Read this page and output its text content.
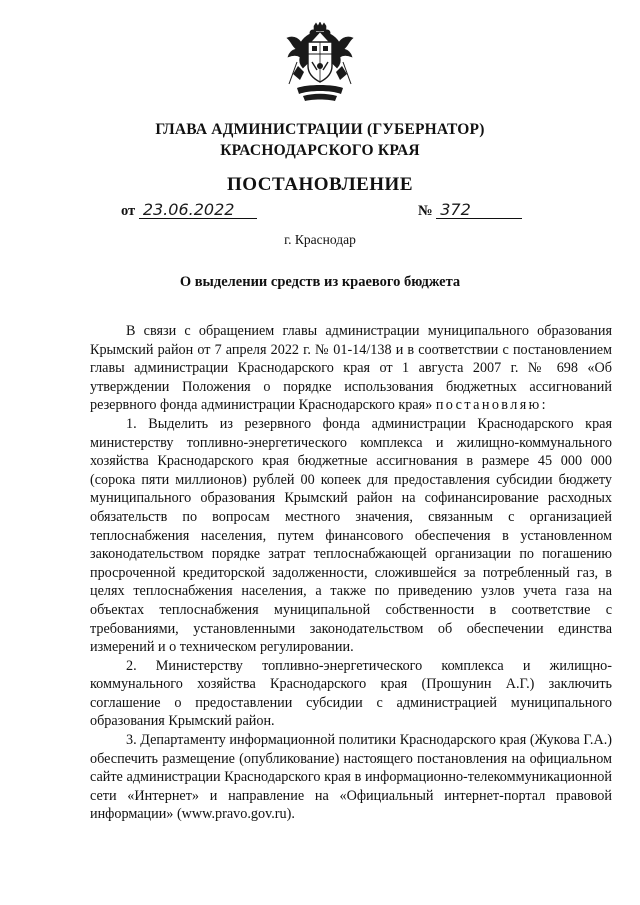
ГЛАВА АДМИНИСТРАЦИИ (ГУБЕРНАТОР)
КРАСНОДАРСКОГО КРАЯ
ПОСТАНОВЛЕНИЕ
от 23.06.2022	№ 372
г. Краснодар
О выделении средств из краевого бюджета

В связи с обращением главы администрации муниципального образования Крымский район от 7 апреля 2022 г. № 01-14/138 и в соответствии с постановлением главы администрации Краснодарского края от 1 августа 2007 г. № 698 «Об утверждении Положения о порядке использования бюджетных ассигнований резервного фонда администрации Краснодарского края» постановляю:

1. Выделить из резервного фонда администрации Краснодарского края министерству топливно-энергетического комплекса и жилищно-коммунального хозяйства Краснодарского края бюджетные ассигнования в размере 45 000 000 (сорока пяти миллионов) рублей 00 копеек для предоставления субсидии бюджету муниципального образования Крымский район на софинансирование расходных обязательств по вопросам местного значения, связанным с организацией теплоснабжения населения, путем финансового обеспечения в установленном законодательством порядке затрат теплоснабжающей организации по погашению просроченной кредиторской задолженности, сложившейся за потребленный газ, в целях теплоснабжения населения, а также по приведению узлов учета газа на объектах теплоснабжения муниципальной собственности в соответствие с требованиями, установленными законодательством об обеспечении единства измерений и о техническом регулировании.

2. Министерству топливно-энергетического комплекса и жилищно-коммунального хозяйства Краснодарского края (Прошунин А.Г.) заключить соглашение о предоставлении субсидии с администрацией муниципального образования Крымский район.

3. Департаменту информационной политики Краснодарского края (Жукова Г.А.) обеспечить размещение (опубликование) настоящего постановления на официальном сайте администрации Краснодарского края в информационно-телекоммуникационной сети «Интернет» и направление на «Официальный интернет-портал правовой информации» (www.pravo.gov.ru).
